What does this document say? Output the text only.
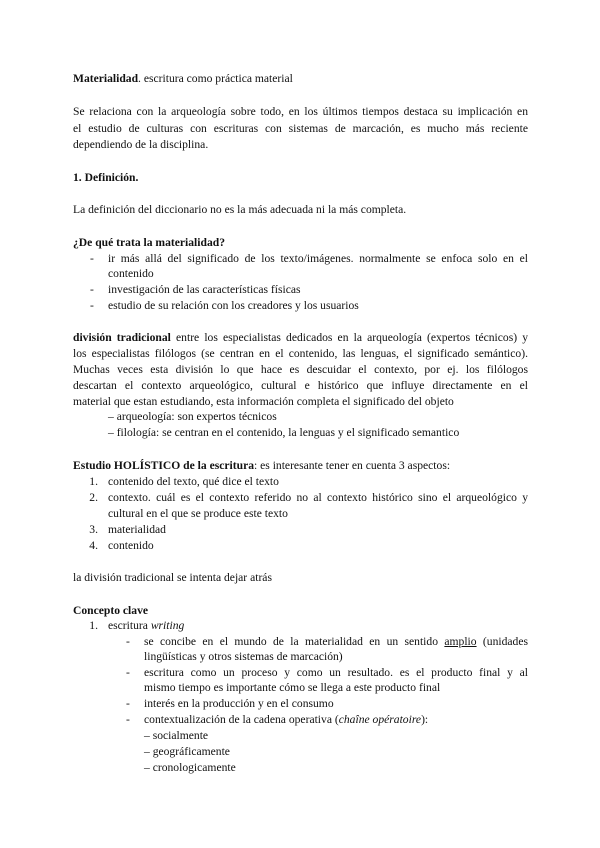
Materialidad. escritura como práctica material
Se relaciona con la arqueología sobre todo, en los últimos tiempos destaca su implicación en
el estudio de culturas con escrituras con sistemas de marcación, es mucho más reciente
dependiendo de la disciplina.
1. Definición.
La definición del diccionario no es la más adecuada ni la más completa.
¿De qué trata la materialidad?
- ir más allá del significado de los texto/imágenes. normalmente se enfoca solo en el
contenido
- investigación de las características físicas
- estudio de su relación con los creadores y los usuarios
división tradicional entre los especialistas dedicados en la arqueología (expertos técnicos) y
los especialistas filólogos (se centran en el contenido, las lenguas, el significado semántico).
Muchas veces esta división lo que hace es descuidar el contexto, por ej. los filólogos
descartan el contexto arqueológico, cultural e histórico que influye directamente en el
material que estan estudiando, esta información completa el significado del objeto
– arqueología: son expertos técnicos
– filología: se centran en el contenido, la lenguas y el significado semantico
Estudio HOLÍSTICO de la escritura: es interesante tener en cuenta 3 aspectos:
1. contenido del texto, qué dice el texto
2. contexto. cuál es el contexto referido no al contexto histórico sino el arqueológico y
cultural en el que se produce este texto
3. materialidad
4. contenido
la división tradicional se intenta dejar atrás
Concepto clave
1. escritura writing
- se concibe en el mundo de la materialidad en un sentido amplio (unidades
lingüísticas y otros sistemas de marcación)
- escritura como un proceso y como un resultado. es el producto final y al
mismo tiempo es importante cómo se llega a este producto final
- interés en la producción y en el consumo
- contextualización de la cadena operativa (chaîne opératoire):
– socialmente
– geográficamente
– cronologicamente
